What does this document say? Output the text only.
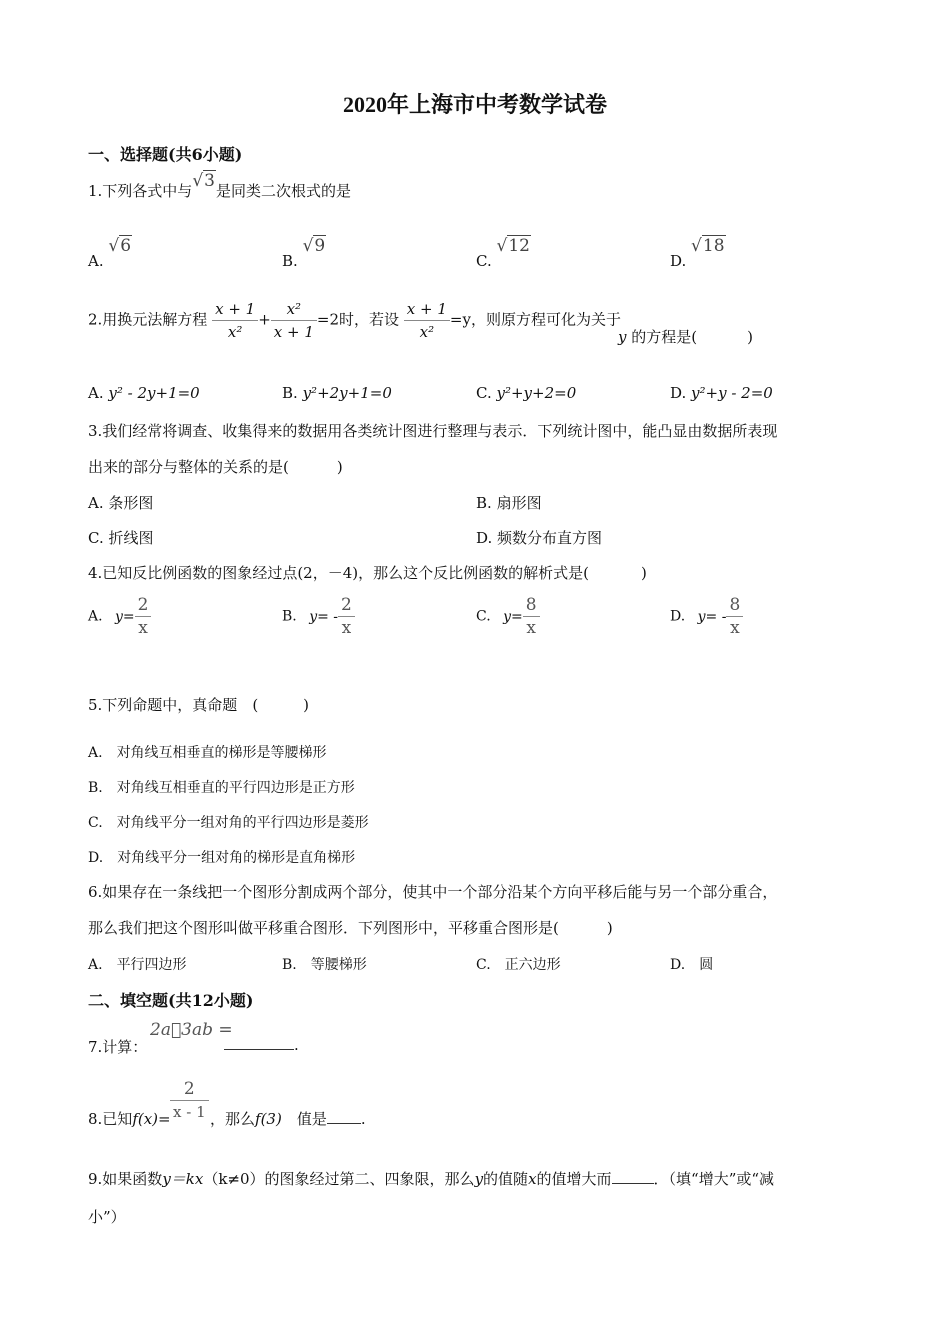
2020年上海市中考数学试卷
一、选择题(共6小题)
1.下列各式中与√3是同类二次根式的是
A. √6
B. √9
C. √12
D. √18
2.用换元法解方程 $\frac{x + 1}{\text{x²}} + \frac{\text{x²}}{x + 1} =2$时，若设 $\frac{x + 1}{\text{x²}} =y$，则原方程可化为关于
y 的方程是(	)
A. y² - 2y+1=0	B. y²+2y+1=0	C. y²+y+2=0	D. y²+y - 2=0
3.我们经常将调查、收集得来的数据用各类统计图进行整理与表示．下列统计图中，能凸显由数据所表现
出来的部分与整体的关系的是(	)
A. 条形图	B. 扇形图
C. 折线图	D. 频数分布直方图
4.已知反比例函数的图象经过点(2，－4)，那么这个反比例函数的解析式是(	)
A. $y= \frac{2}{x}$	B. $y= - \frac{2}{x}$	C. $y= \frac{8}{x}$	D. $y= - \frac{8}{x}$
5.下列命题中，真命题　 (　　　)
A.　 对角线互相垂直的梯形是等腰梯形
B.　 对角线互相垂直的平行四边形是正方形
C.　 对角线平分一组对角的平行四边形是菱形
D.　 对角线平分一组对角的梯形是直角梯形
6.如果存在一条线把一个图形分割成两个部分，使其中一个部分沿某个方向平移后能与另一个部分重合，
那么我们把这个图形叫做平移重合图形．下列图形中，平移重合图形是(	)
A.　 平行四边形	B.　 等腰梯形	C.　 正六边形	D.　 圆
二、填空题(共12小题)
7.计算：
2a􏿾3ab =
.
8.已知$f(x)= \frac{2}{x - 1}$ ，那么f(3)　 值是 .
9.如果函数y＝kx（k≠0）的图象经过第二、四象限，那么y的值随x的值增大而	．（填“增大”或“减
小”）
